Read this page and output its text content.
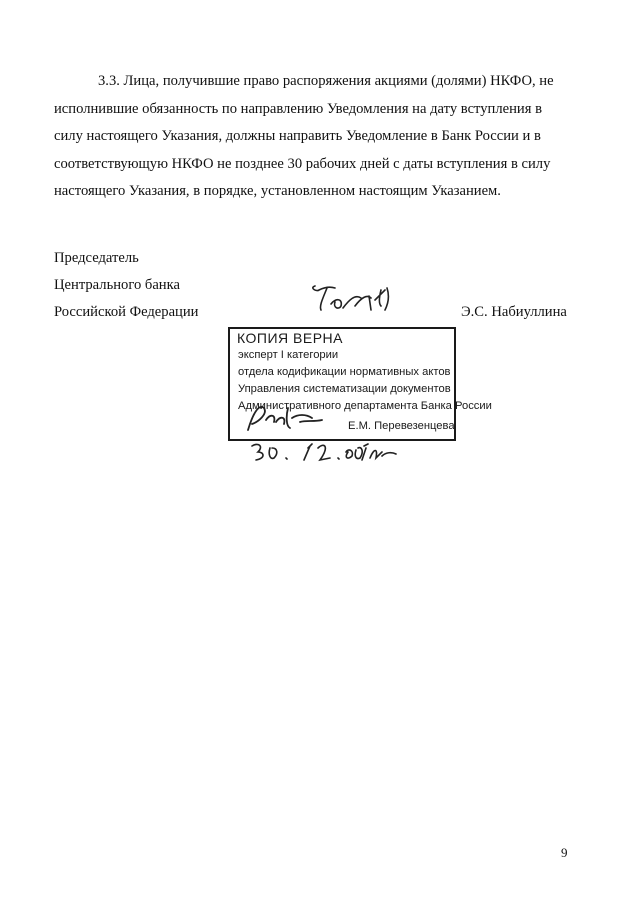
3.3. Лица, получившие право распоряжения акциями (долями) НКФО, не
исполнившие обязанность по направлению Уведомления на дату вступления в
силу настоящего Указания, должны направить Уведомление в Банк России и в
соответствующую НКФО не позднее 30 рабочих дней с даты вступления в силу
настоящего Указания, в порядке, установленном настоящим Указанием.
Председатель
Центрального банка
Российской Федерации	Э.С. Набиуллина
КОПИЯ ВЕРНА
эксперт I категории
отдела кодификации нормативных актов
Управления систематизации документов
Административного департамента Банка России
Е.М. Перевезенцева
9
